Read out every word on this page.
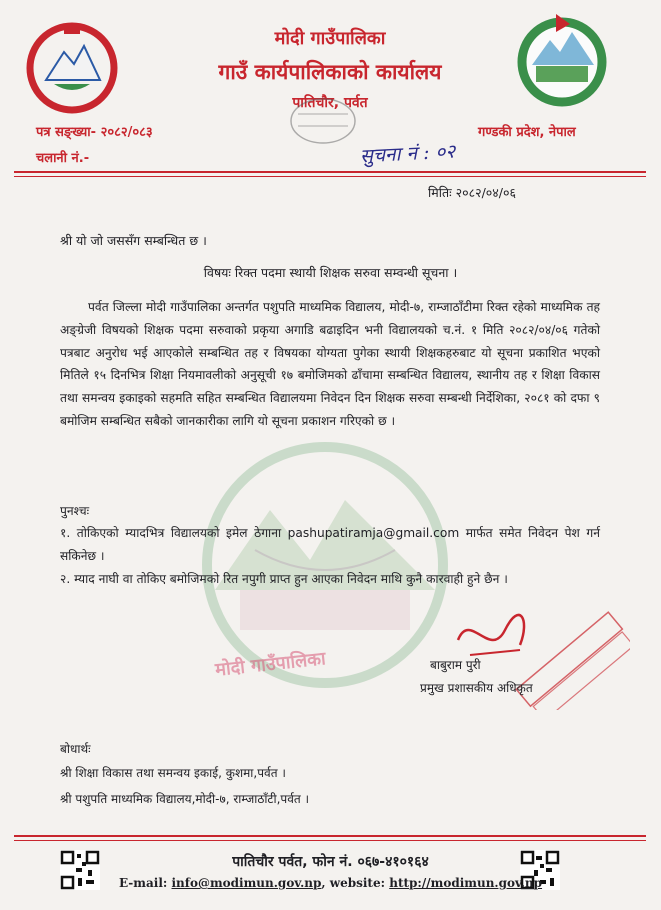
मोदी गाउँपालिका
मोदी गाउँपालिका
गाउँ कार्यपालिकाको कार्यालय
पातिचौर, पर्वत
पत्र सङ्ख्या- २०८२/०८३
चलानी नं.-
गण्डकी प्रदेश, नेपाल
सुचना नं : ०२
मितिः २०८२/०४/०६
श्री यो जो जससँग सम्बन्धित छ ।
विषयः रिक्त पदमा स्थायी शिक्षक सरुवा सम्वन्धी सूचना ।
पर्वत जिल्ला मोदी गाउँपालिका अन्तर्गत पशुपति माध्यमिक विद्यालय, मोदी-७, राम्जाठाँटीमा रिक्त रहेको माध्यमिक तह अङ्ग्रेजी विषयको शिक्षक पदमा सरुवाको प्रकृया अगाडि बढाइदिन भनी विद्यालयको च.नं. १ मिति २०८२/०४/०६ गतेको पत्रबाट अनुरोध भई आएकोले सम्बन्धित तह र विषयका योग्यता पुगेका स्थायी शिक्षकहरुबाट यो सूचना प्रकाशित भएको मितिले १५ दिनभित्र शिक्षा नियमावलीको अनुसूची १७ बमोजिमको ढाँचामा सम्बन्धित विद्यालय, स्थानीय तह र शिक्षा विकास तथा समन्वय इकाइको सहमति सहित सम्बन्धित विद्यालयमा निवेदन दिन शिक्षक सरुवा सम्बन्धी निर्देशिका, २०८१ को दफा ९ बमोजिम सम्बन्धित सबैको जानकारीका लागि यो सूचना प्रकाशन गरिएको छ ।
पुनश्चः
१. तोकिएको म्यादभित्र विद्यालयको इमेल ठेगाना pashupatiramja@gmail.com मार्फत समेत निवेदन पेश गर्न सकिनेछ ।
२. म्याद नाघी वा तोकिए बमोजिमको रित नपुगी प्राप्त हुन आएका निवेदन माथि कुनै कारवाही हुने छैन ।
बाबुराम पुरी
प्रमुख प्रशासकीय अधिकृत
बोधार्थः
श्री शिक्षा विकास तथा समन्वय इकाई, कुशमा,पर्वत ।
श्री पशुपति माध्यमिक विद्यालय,मोदी-७, राम्जाठाँटी,पर्वत ।
पातिचौर पर्वत, फोन नं. ०६७-४१०१६४
E-mail: info@modimun.gov.np, website: http://modimun.gov.np
